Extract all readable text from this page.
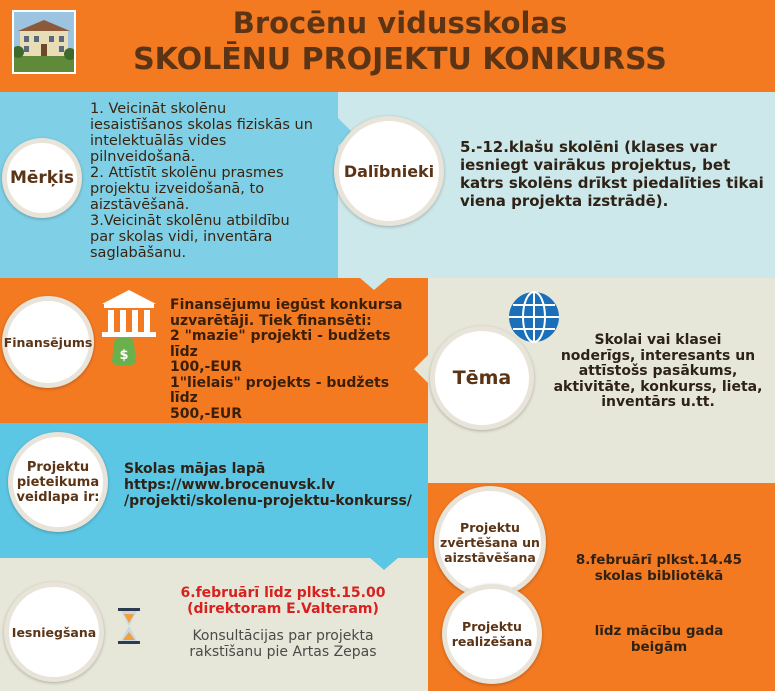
Brocēnu vidusskolas
SKOLĒNU PROJEKTU KONKURSS
Mērķis
1. Veicināt skolēnu
iesaistīšanos skolas fiziskās un
intelektuālās vides
pilnveidošanā.
2. Attīstīt skolēnu prasmes
projektu izveidošanā, to
aizstāvēšanā.
3.Veicināt skolēnu atbildību
par skolas vidi, inventāra
saglabāšanu.
Dalībnieki
5.-12.klašu skolēni (klases var
iesniegt vairākus projektus, bet
katrs skolēns drīkst piedalīties tikai
viena projekta izstrādē).
Finansējums
$
Finansējumu iegūst konkursa
uzvarētāji. Tiek finansēti:
2 "mazie" projekti - budžets līdz
100,-EUR
1"lielais" projekts - budžets līdz
500,-EUR
Tēma
Skolai vai klasei
noderīgs, interesants un
attīstošs pasākums,
aktivitāte, konkurss, lieta,
inventārs u.tt.
Projektu
pieteikuma
veidlapa ir:
Skolas mājas lapā
https://www.brocenuvsk.lv
/projekti/skolenu-projektu-konkurss/
Projektu
zvērtēšana un
aizstāvēšana	8.februārī plkst.14.45
skolas bibliotēkā
Projektu
realizēšana
līdz mācību gada
beigām
Iesniegšana
6.februārī līdz plkst.15.00
(direktoram E.Valteram)
Konsultācijas par projekta
rakstīšanu pie Artas Zepas
